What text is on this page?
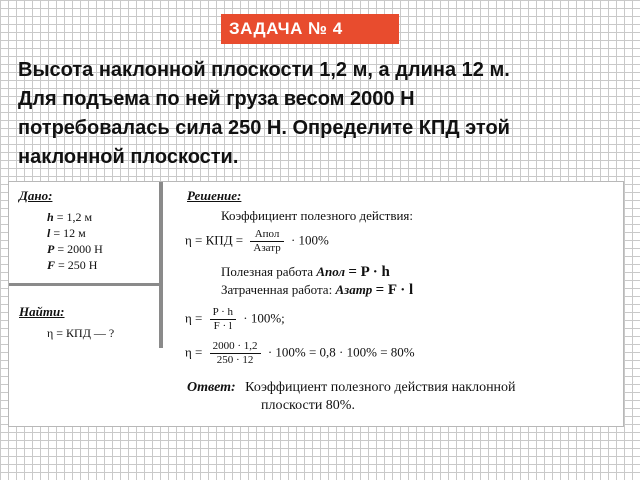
ЗАДАЧА № 4
Высота наклонной плоскости 1,2 м, а длина 12 м.
Для подъема по ней груза весом 2000 Н
потребовалась сила 250 Н. Определите КПД этой
наклонной плоскости.
Дано:
h = 1,2 м
l = 12 м
P = 2000 Н
F = 250 Н
Найти:
η = КПД — ?
Решение:
Коэффициент полезного действия:
η = КПД = $\frac{\text{Aпол}}{\text{Aзатр}} \cdot 100\%$
Полезная работа Aпол = P · h
Затраченная работа: Aзатр = F · l
$\eta = \frac{P \cdot h}{F \cdot l} \cdot 100\%$;
$\eta = \frac{2000 \cdot 1,2}{250 \cdot 12} \cdot 100\% = 0,8 \cdot 100\% = 80\%$
Ответ: Коэффициент полезного действия наклонной
плоскости 80%.
